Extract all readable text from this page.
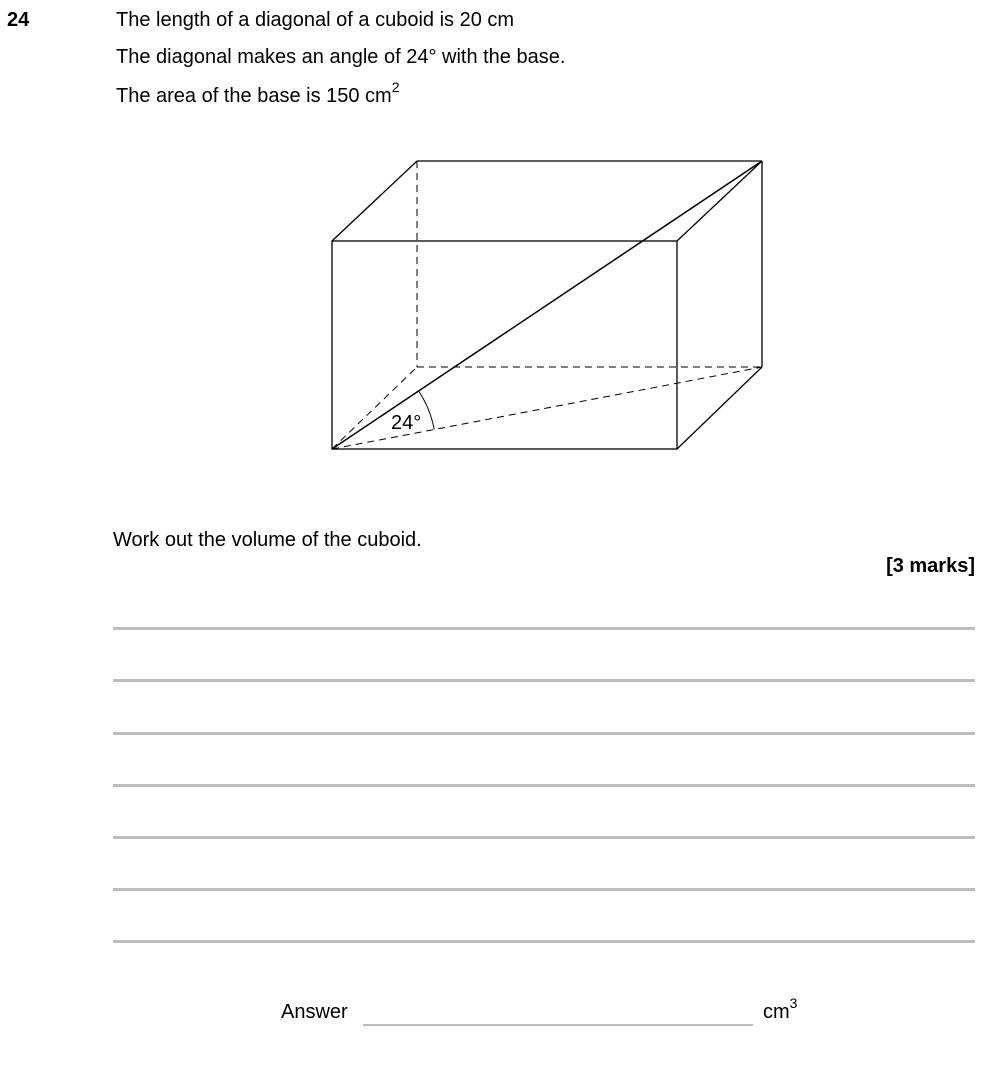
24	The length of a diagonal of a cuboid is 20 cm
The diagonal makes an angle of 24° with the base.
The area of the base is 150 $cm^2$
24°
Work out the volume of the cuboid.
[3 marks]
Answer	$cm^3$
